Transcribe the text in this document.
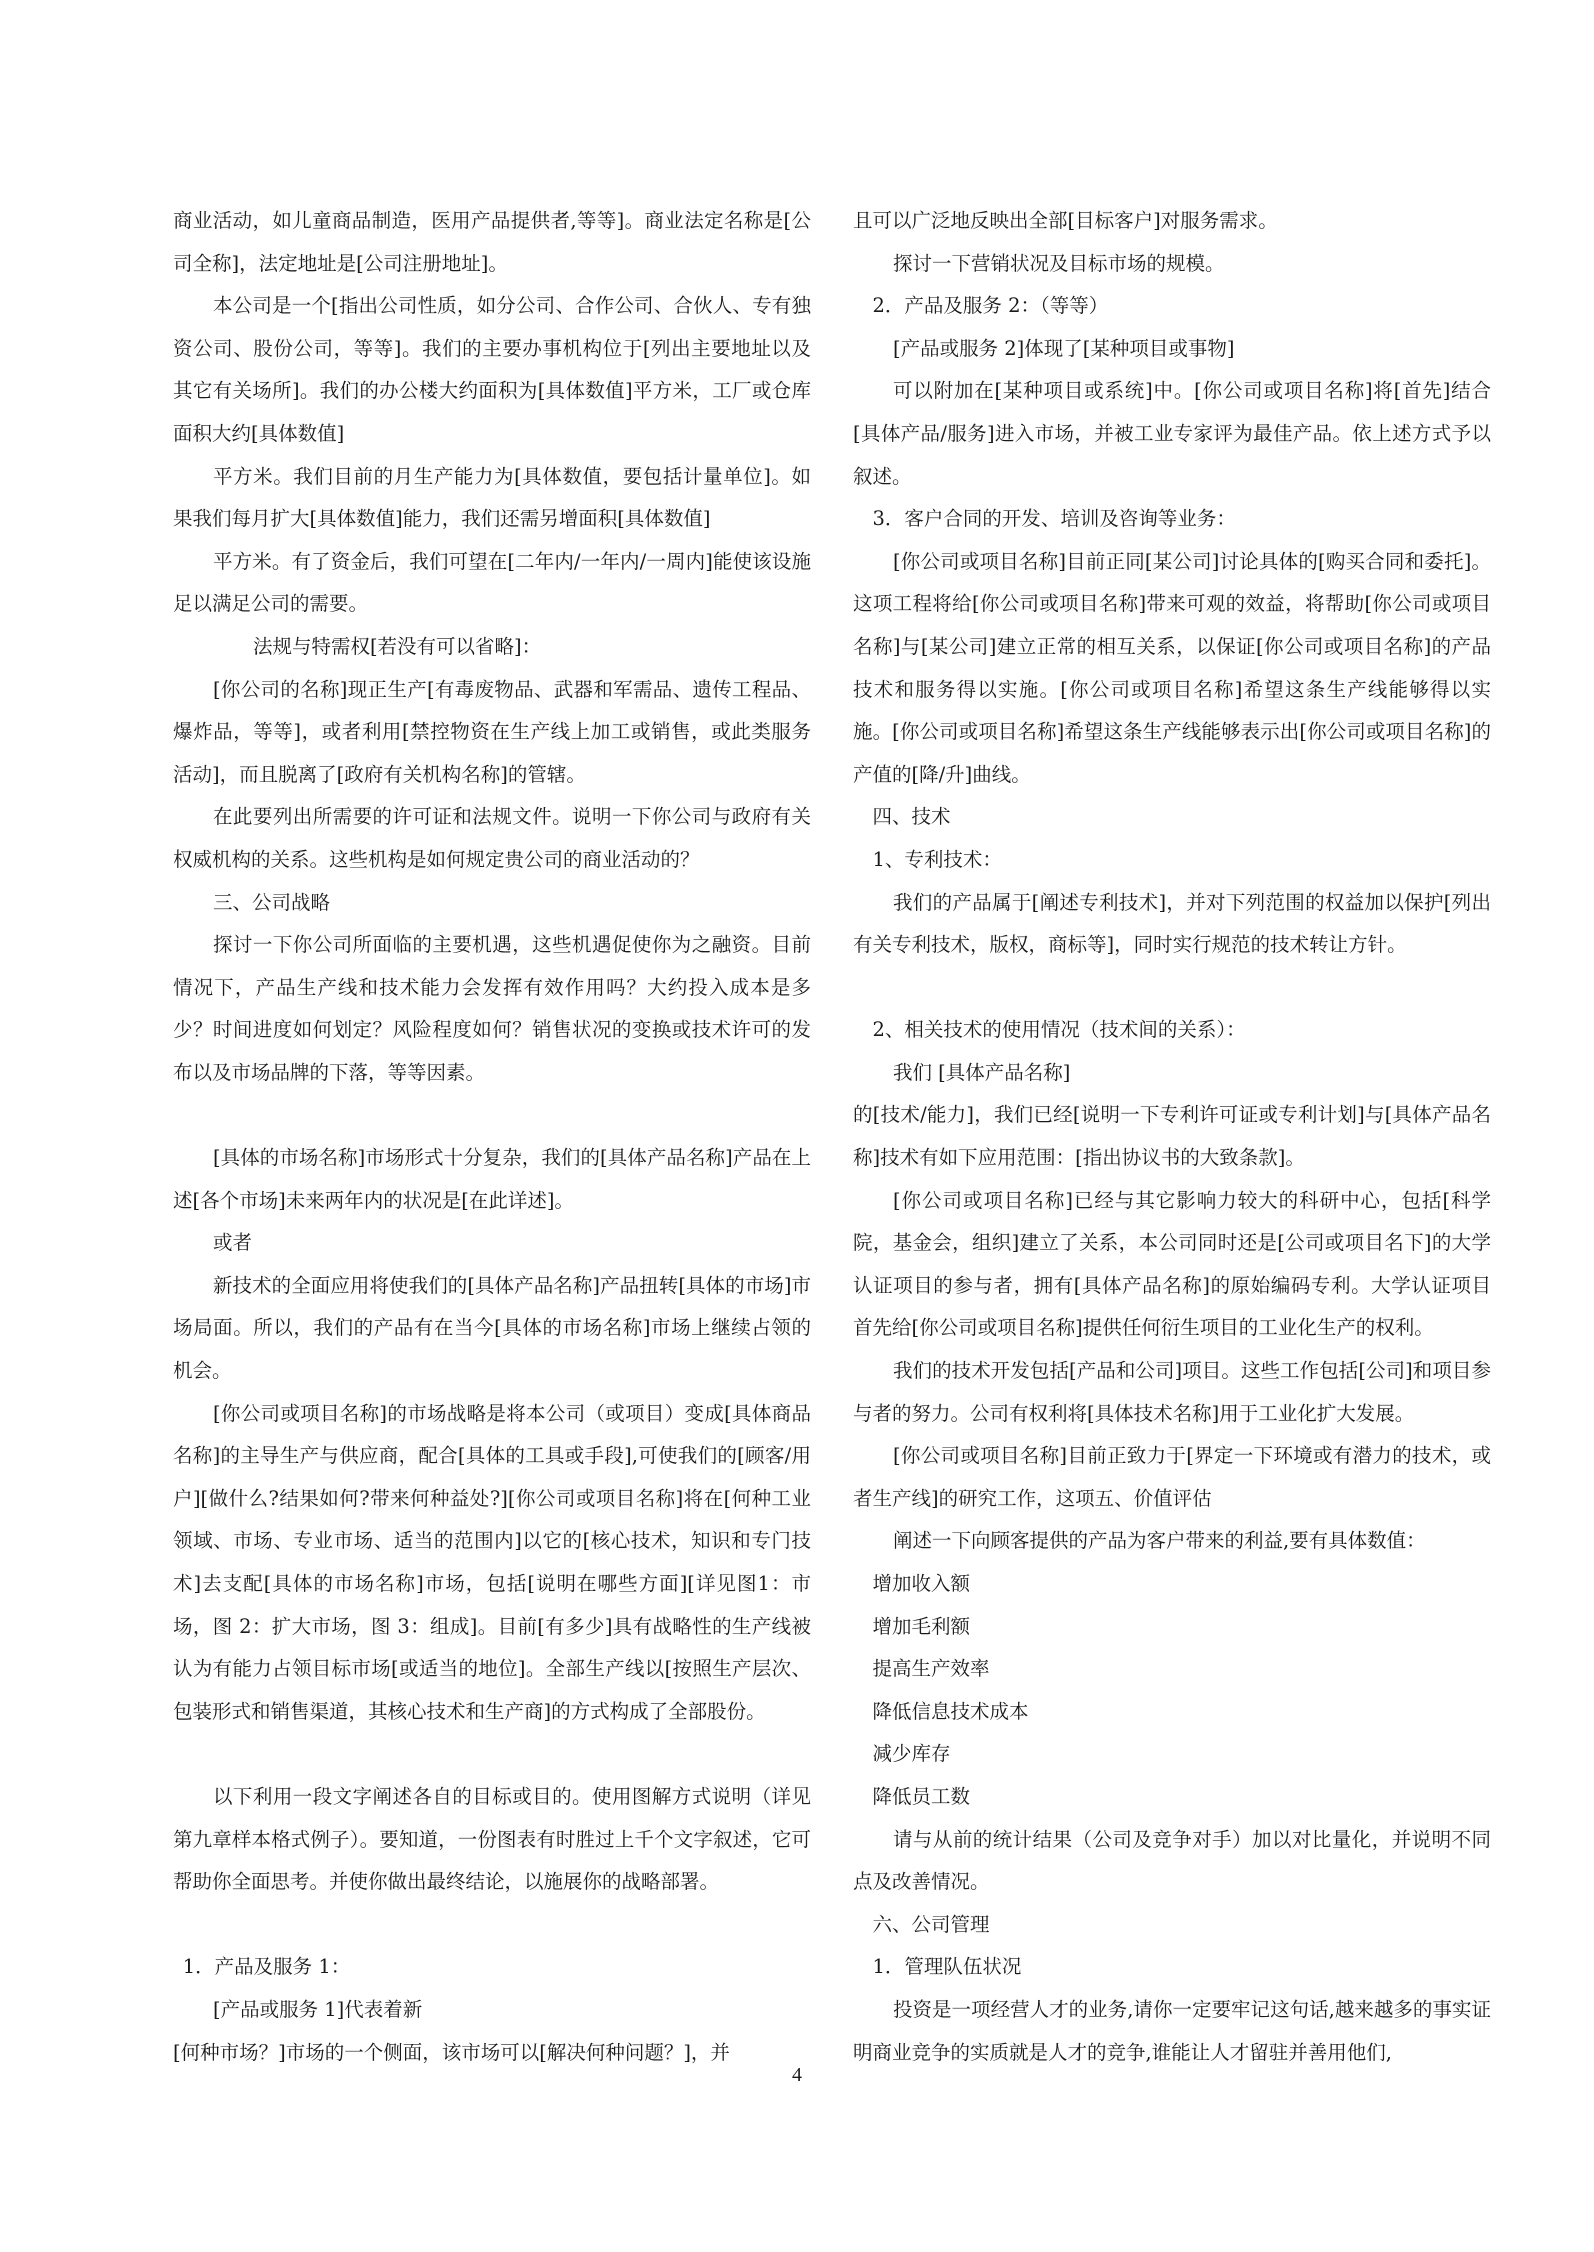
商业活动，如儿童商品制造，医用产品提供者,等等]。商业法定名称是[公司全称]，法定地址是[公司注册地址]。

本公司是一个[指出公司性质，如分公司、合作公司、合伙人、专有独资公司、股份公司，等等]。我们的主要办事机构位于[列出主要地址以及其它有关场所]。我们的办公楼大约面积为[具体数值]平方米，工厂或仓库面积大约[具体数值]

平方米。我们目前的月生产能力为[具体数值，要包括计量单位]。如果我们每月扩大[具体数值]能力，我们还需另增面积[具体数值]

平方米。有了资金后，我们可望在[二年内/一年内/一周内]能使该设施足以满足公司的需要。

法规与特需权[若没有可以省略]：

[你公司的名称]现正生产[有毒废物品、武器和军需品、遗传工程品、爆炸品，等等]，或者利用[禁控物资在生产线上加工或销售，或此类服务活动]，而且脱离了[政府有关机构名称]的管辖。

在此要列出所需要的许可证和法规文件。说明一下你公司与政府有关权威机构的关系。这些机构是如何规定贵公司的商业活动的？

三、公司战略

探讨一下你公司所面临的主要机遇，这些机遇促使你为之融资。目前情况下，产品生产线和技术能力会发挥有效作用吗？大约投入成本是多少？时间进度如何划定？风险程度如何？销售状况的变换或技术许可的发布以及市场品牌的下落，等等因素。

[具体的市场名称]市场形式十分复杂，我们的[具体产品名称]产品在上述[各个市场]未来两年内的状况是[在此详述]。

或者

新技术的全面应用将使我们的[具体产品名称]产品扭转[具体的市场]市场局面。所以，我们的产品有在当今[具体的市场名称]市场上继续占领的机会。

[你公司或项目名称]的市场战略是将本公司（或项目）变成[具体商品名称]的主导生产与供应商，配合[具体的工具或手段],可使我们的[顾客/用户][做什么?结果如何?带来何种益处?][你公司或项目名称]将在[何种工业领域、市场、专业市场、适当的范围内]以它的[核心技术，知识和专门技术]去支配[具体的市场名称]市场，包括[说明在哪些方面][详见图1：市场，图 2：扩大市场，图 3：组成]。目前[有多少]具有战略性的生产线被认为有能力占领目标市场[或适当的地位]。全部生产线以[按照生产层次、包装形式和销售渠道，其核心技术和生产商]的方式构成了全部股份。

以下利用一段文字阐述各自的目标或目的。使用图解方式说明（详见第九章样本格式例子）。要知道，一份图表有时胜过上千个文字叙述，它可帮助你全面思考。并使你做出最终结论，以施展你的战略部署。

1．产品及服务 1：

[产品或服务 1]代表着新

[何种市场？]市场的一个侧面，该市场可以[解决何种问题？]，并

且可以广泛地反映出全部[目标客户]对服务需求。

探讨一下营销状况及目标市场的规模。

2．产品及服务 2：（等等）

[产品或服务 2]体现了[某种项目或事物]

可以附加在[某种项目或系统]中。[你公司或项目名称]将[首先]结合[具体产品/服务]进入市场，并被工业专家评为最佳产品。依上述方式予以叙述。

3．客户合同的开发、培训及咨询等业务：

[你公司或项目名称]目前正同[某公司]讨论具体的[购买合同和委托]。这项工程将给[你公司或项目名称]带来可观的效益，将帮助[你公司或项目名称]与[某公司]建立正常的相互关系，以保证[你公司或项目名称]的产品技术和服务得以实施。[你公司或项目名称]希望这条生产线能够得以实施。[你公司或项目名称]希望这条生产线能够表示出[你公司或项目名称]的产值的[降/升]曲线。

四、技术

1、专利技术：

我们的产品属于[阐述专利技术]，并对下列范围的权益加以保护[列出有关专利技术，版权，商标等]，同时实行规范的技术转让方针。

2、相关技术的使用情况（技术间的关系）：

我们 [具体产品名称]

的[技术/能力]，我们已经[说明一下专利许可证或专利计划]与[具体产品名称]技术有如下应用范围：[指出协议书的大致条款]。

[你公司或项目名称]已经与其它影响力较大的科研中心，包括[科学院，基金会，组织]建立了关系，本公司同时还是[公司或项目名下]的大学认证项目的参与者，拥有[具体产品名称]的原始编码专利。大学认证项目首先给[你公司或项目名称]提供任何衍生项目的工业化生产的权利。

我们的技术开发包括[产品和公司]项目。这些工作包括[公司]和项目参与者的努力。公司有权利将[具体技术名称]用于工业化扩大发展。

[你公司或项目名称]目前正致力于[界定一下环境或有潜力的技术，或者生产线]的研究工作，这项五、价值评估

阐述一下向顾客提供的产品为客户带来的利益,要有具体数值：

增加收入额

增加毛利额

提高生产效率

降低信息技术成本

减少库存

降低员工数

请与从前的统计结果（公司及竞争对手）加以对比量化，并说明不同点及改善情况。

六、公司管理

1．管理队伍状况

投资是一项经营人才的业务,请你一定要牢记这句话,越来越多的事实证明商业竞争的实质就是人才的竞争,谁能让人才留驻并善用他们,

4
